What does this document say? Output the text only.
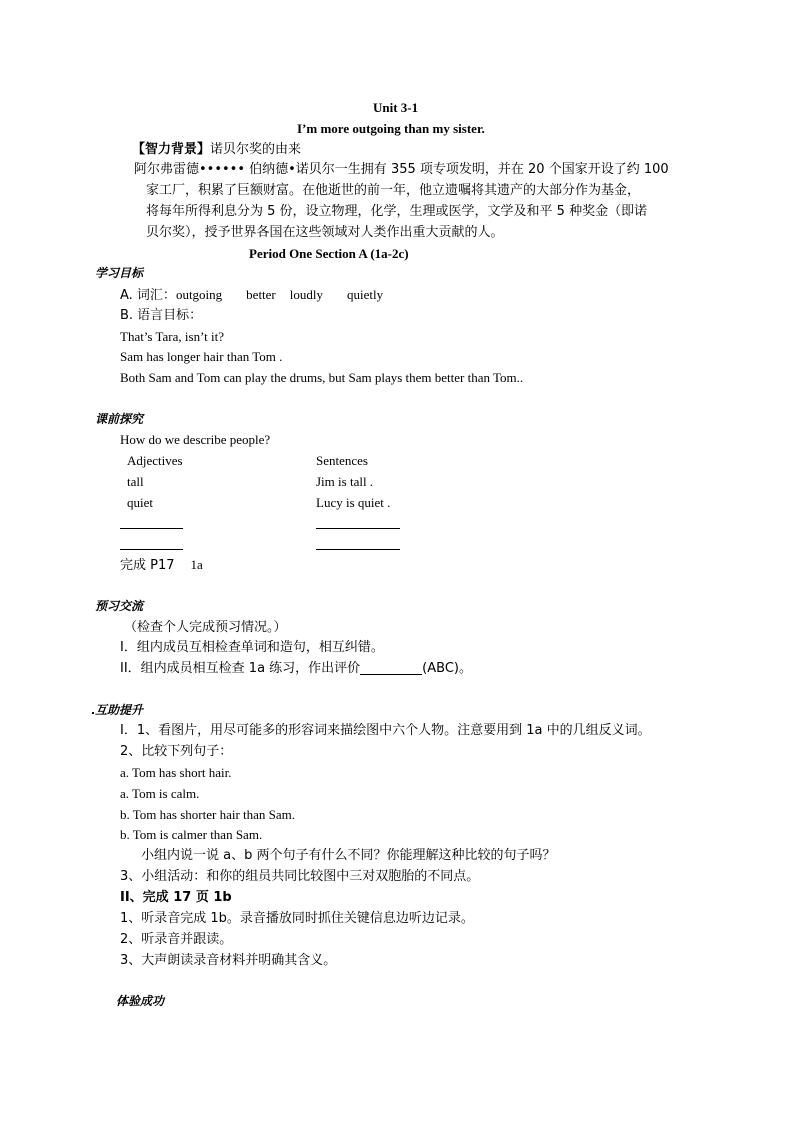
Unit 3-1
I’m more outgoing than my sister.
【智力背景】诺贝尔奖的由来
阿尔弗雷德•••••• 伯纳德•诺贝尔一生拥有 355 项专项发明，并在 20 个国家开设了约 100
家工厂，积累了巨额财富。在他逝世的前一年，他立遗嘱将其遗产的大部分作为基金，
将每年所得利息分为 5 份，设立物理，化学，生理或医学，文学及和平 5 种奖金（即诺
贝尔奖），授予世界各国在这些领域对人类作出重大贡献的人。
Period One Section A (1a-2c)
学习目标
A. 词汇：outgoing better loudly quietly
B. 语言目标：
That’s Tara, isn’t it?
Sam has longer hair than Tom .
Both Sam and Tom can play the drums, but Sam plays them better than Tom..
课前探究
How do we describe people?
Adjectives	Sentences
tall	Jim is tall .
quiet	Lucy is quiet .
完成 P17 1a
预习交流
（检查个人完成预习情况。）
I．组内成员互相检查单词和造句，相互纠错。
II．组内成员相互检查 1a 练习，作出评价	(ABC)。
互助提升
I．1、看图片，用尽可能多的形容词来描绘图中六个人物。注意要用到 1a 中的几组反义词。
2、比较下列句子：
a. Tom has short hair.
a. Tom is calm.
b. Tom has shorter hair than Sam.
b. Tom is calmer than Sam.
小组内说一说 a、b 两个句子有什么不同？你能理解这种比较的句子吗？
3、小组活动：和你的组员共同比较图中三对双胞胎的不同点。
II、完成 17 页 1b
1、听录音完成 1b。录音播放同时抓住关键信息边听边记录。
2、听录音并跟读。
3、大声朗读录音材料并明确其含义。
体验成功
